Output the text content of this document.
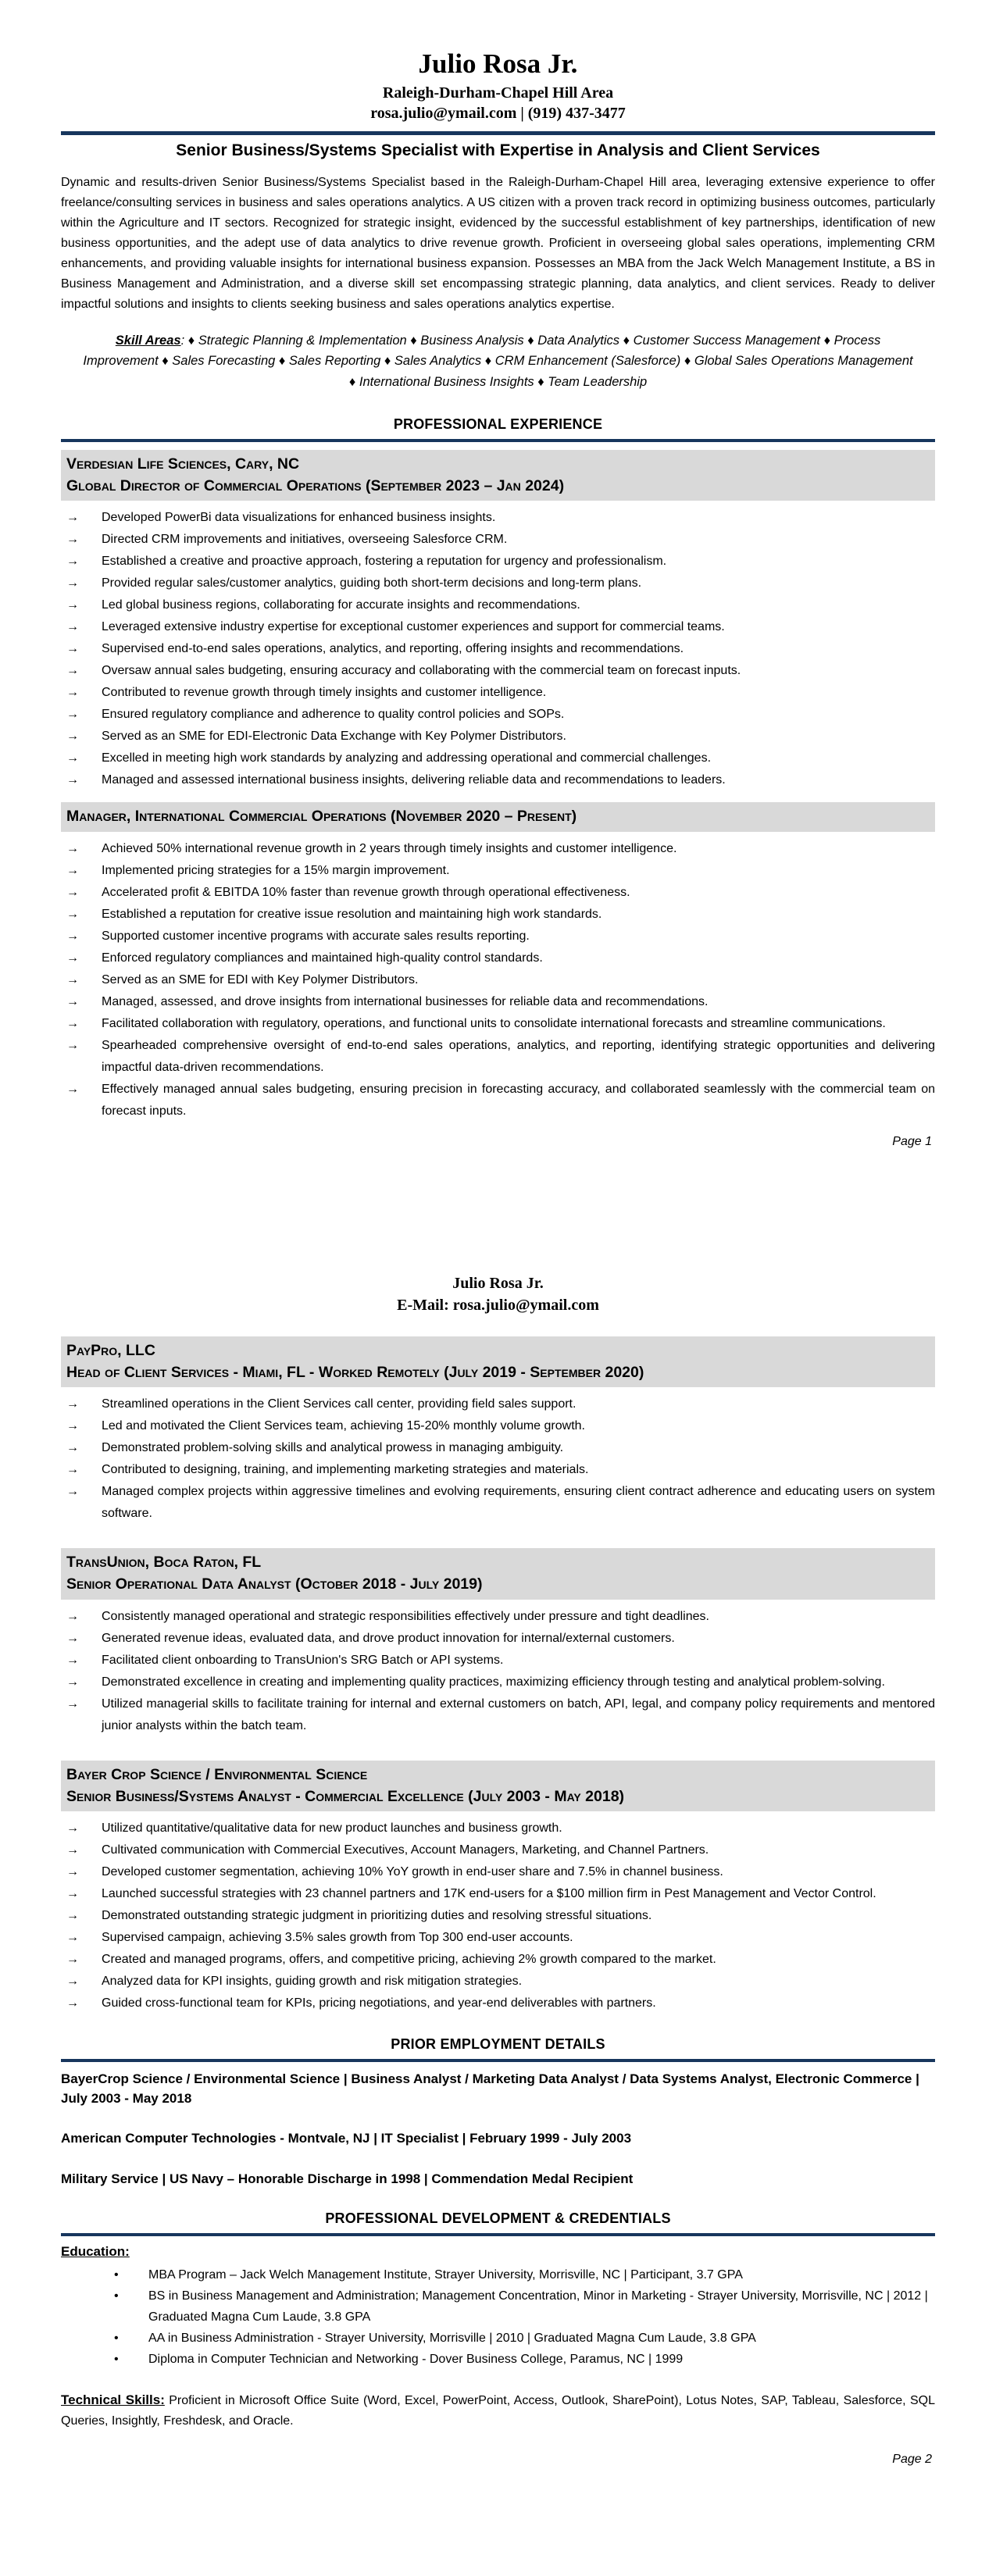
Julio Rosa Jr.
Raleigh-Durham-Chapel Hill Area
rosa.julio@ymail.com | (919) 437-3477
Senior Business/Systems Specialist with Expertise in Analysis and Client Services

Dynamic and results-driven Senior Business/Systems Specialist based in the Raleigh-Durham-Chapel Hill area, leveraging extensive experience to offer freelance/consulting services in business and sales operations analytics. A US citizen with a proven track record in optimizing business outcomes, particularly within the Agriculture and IT sectors. Recognized for strategic insight, evidenced by the successful establishment of key partnerships, identification of new business opportunities, and the adept use of data analytics to drive revenue growth. Proficient in overseeing global sales operations, implementing CRM enhancements, and providing valuable insights for international business expansion. Possesses an MBA from the Jack Welch Management Institute, a BS in Business Management and Administration, and a diverse skill set encompassing strategic planning, data analytics, and client services. Ready to deliver impactful solutions and insights to clients seeking business and sales operations analytics expertise.

Skill Areas: ♦ Strategic Planning & Implementation ♦ Business Analysis ♦ Data Analytics ♦ Customer Success Management ♦ Process Improvement ♦ Sales Forecasting ♦ Sales Reporting ♦ Sales Analytics ♦ CRM Enhancement (Salesforce) ♦ Global Sales Operations Management ♦ International Business Insights ♦ Team Leadership

PROFESSIONAL EXPERIENCE
Verdesian Life Sciences, Cary, NC
Global Director of Commercial Operations (September 2023 – Jan 2024)
→ Developed PowerBi data visualizations for enhanced business insights.
→ Directed CRM improvements and initiatives, overseeing Salesforce CRM.
→ Established a creative and proactive approach, fostering a reputation for urgency and professionalism.
→ Provided regular sales/customer analytics, guiding both short-term decisions and long-term plans.
→ Led global business regions, collaborating for accurate insights and recommendations.
→ Leveraged extensive industry expertise for exceptional customer experiences and support for commercial teams.
→ Supervised end-to-end sales operations, analytics, and reporting, offering insights and recommendations.
→ Oversaw annual sales budgeting, ensuring accuracy and collaborating with the commercial team on forecast inputs.
→ Contributed to revenue growth through timely insights and customer intelligence.
→ Ensured regulatory compliance and adherence to quality control policies and SOPs.
→ Served as an SME for EDI-Electronic Data Exchange with Key Polymer Distributors.
→ Excelled in meeting high work standards by analyzing and addressing operational and commercial challenges.
→ Managed and assessed international business insights, delivering reliable data and recommendations to leaders.
Manager, International Commercial Operations (November 2020 – Present)
→ Achieved 50% international revenue growth in 2 years through timely insights and customer intelligence.
→ Implemented pricing strategies for a 15% margin improvement.
→ Accelerated profit & EBITDA 10% faster than revenue growth through operational effectiveness.
→ Established a reputation for creative issue resolution and maintaining high work standards.
→ Supported customer incentive programs with accurate sales results reporting.
→ Enforced regulatory compliances and maintained high-quality control standards.
→ Served as an SME for EDI with Key Polymer Distributors.
→ Managed, assessed, and drove insights from international businesses for reliable data and recommendations.
→ Facilitated collaboration with regulatory, operations, and functional units to consolidate international forecasts and streamline communications.
→ Spearheaded comprehensive oversight of end-to-end sales operations, analytics, and reporting, identifying strategic opportunities and delivering impactful data-driven recommendations.
→ Effectively managed annual sales budgeting, ensuring precision in forecasting accuracy, and collaborated seamlessly with the commercial team on forecast inputs.
Page 1
Julio Rosa Jr.
E-Mail: rosa.julio@ymail.com
PayPro, LLC
Head of Client Services - Miami, FL - Worked Remotely (July 2019 - September 2020)
→ Streamlined operations in the Client Services call center, providing field sales support.
→ Led and motivated the Client Services team, achieving 15-20% monthly volume growth.
→ Demonstrated problem-solving skills and analytical prowess in managing ambiguity.
→ Contributed to designing, training, and implementing marketing strategies and materials.
→ Managed complex projects within aggressive timelines and evolving requirements, ensuring client contract adherence and educating users on system software.
TransUnion, Boca Raton, FL
Senior Operational Data Analyst (October 2018 - July 2019)
→ Consistently managed operational and strategic responsibilities effectively under pressure and tight deadlines.
→ Generated revenue ideas, evaluated data, and drove product innovation for internal/external customers.
→ Facilitated client onboarding to TransUnion's SRG Batch or API systems.
→ Demonstrated excellence in creating and implementing quality practices, maximizing efficiency through testing and analytical problem-solving.
→ Utilized managerial skills to facilitate training for internal and external customers on batch, API, legal, and company policy requirements and mentored junior analysts within the batch team.
Bayer Crop Science / Environmental Science
Senior Business/Systems Analyst - Commercial Excellence (July 2003 - May 2018)
→ Utilized quantitative/qualitative data for new product launches and business growth.
→ Cultivated communication with Commercial Executives, Account Managers, Marketing, and Channel Partners.
→ Developed customer segmentation, achieving 10% YoY growth in end-user share and 7.5% in channel business.
→ Launched successful strategies with 23 channel partners and 17K end-users for a $100 million firm in Pest Management and Vector Control.
→ Demonstrated outstanding strategic judgment in prioritizing duties and resolving stressful situations.
→ Supervised campaign, achieving 3.5% sales growth from Top 300 end-user accounts.
→ Created and managed programs, offers, and competitive pricing, achieving 2% growth compared to the market.
→ Analyzed data for KPI insights, guiding growth and risk mitigation strategies.
→ Guided cross-functional team for KPIs, pricing negotiations, and year-end deliverables with partners.
PRIOR EMPLOYMENT DETAILS
BayerCrop Science / Environmental Science | Business Analyst / Marketing Data Analyst / Data Systems Analyst, Electronic Commerce | July 2003 - May 2018
American Computer Technologies - Montvale, NJ | IT Specialist | February 1999 - July 2003
Military Service | US Navy – Honorable Discharge in 1998 | Commendation Medal Recipient
PROFESSIONAL DEVELOPMENT & CREDENTIALS
Education:
• MBA Program – Jack Welch Management Institute, Strayer University, Morrisville, NC | Participant, 3.7 GPA
• BS in Business Management and Administration; Management Concentration, Minor in Marketing - Strayer University, Morrisville, NC | 2012 | Graduated Magna Cum Laude, 3.8 GPA
• AA in Business Administration - Strayer University, Morrisville | 2010 | Graduated Magna Cum Laude, 3.8 GPA
• Diploma in Computer Technician and Networking - Dover Business College, Paramus, NC | 1999

Technical Skills: Proficient in Microsoft Office Suite (Word, Excel, PowerPoint, Access, Outlook, SharePoint), Lotus Notes, SAP, Tableau, Salesforce, SQL Queries, Insightly, Freshdesk, and Oracle.

Page 2
